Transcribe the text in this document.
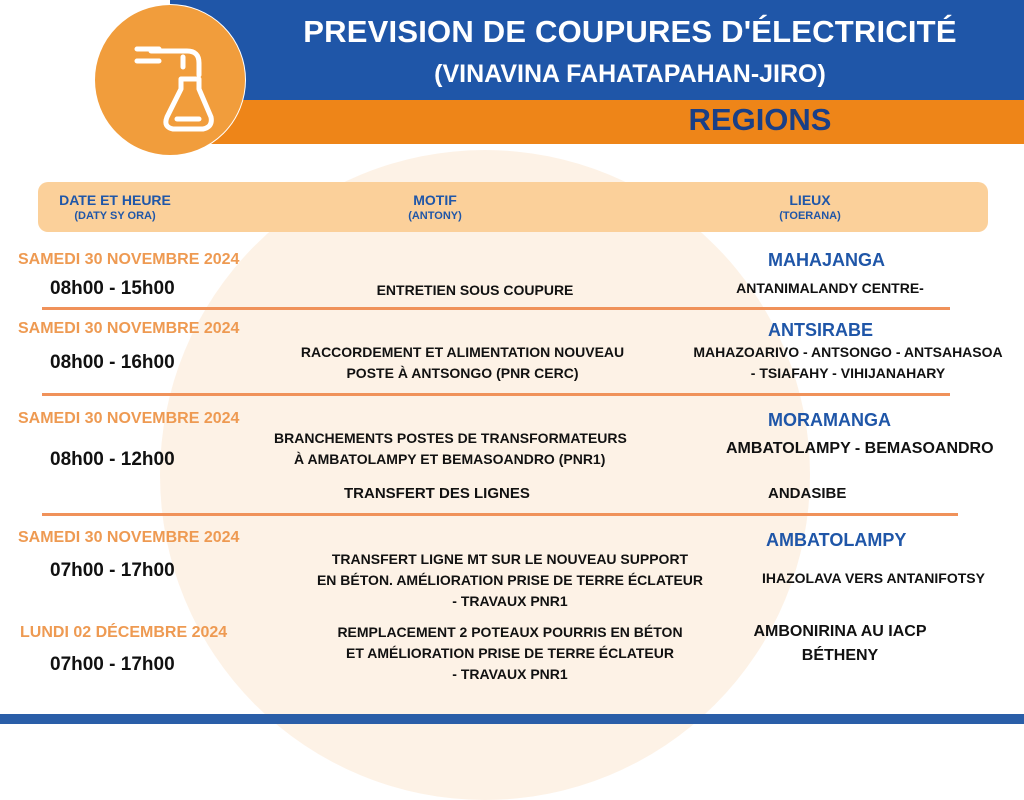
PREVISION DE COUPURES D'ÉLECTRICITÉ
(VINAVINA FAHATAPAHAN-JIRO)
REGIONS
DATE ET HEURE
(DATY SY ORA)
MOTIF
(ANTONY)
LIEUX
(TOERANA)
SAMEDI 30 NOVEMBRE 2024
08h00 - 15h00	ENTRETIEN SOUS COUPURE
MAHAJANGA
ANTANIMALANDY CENTRE-
SAMEDI 30 NOVEMBRE 2024
08h00 - 16h00	RACCORDEMENT ET ALIMENTATION NOUVEAU
POSTE À ANTSONGO (PNR CERC)
ANTSIRABE
MAHAZOARIVO - ANTSONGO - ANTSAHASOA
- TSIAFAHY - VIHIJANAHARY
SAMEDI 30 NOVEMBRE 2024
08h00 - 12h00
BRANCHEMENTS POSTES DE TRANSFORMATEURS
À AMBATOLAMPY ET BEMASOANDRO (PNR1)
TRANSFERT DES LIGNES
MORAMANGA
AMBATOLAMPY - BEMASOANDRO
ANDASIBE
SAMEDI 30 NOVEMBRE 2024
07h00 - 17h00
TRANSFERT LIGNE MT SUR LE NOUVEAU SUPPORT
EN BÉTON. AMÉLIORATION PRISE DE TERRE ÉCLATEUR
- TRAVAUX PNR1
AMBATOLAMPY
IHAZOLAVA VERS ANTANIFOTSY
LUNDI 02 DÉCEMBRE 2024
07h00 - 17h00
REMPLACEMENT 2 POTEAUX POURRIS EN BÉTON
ET AMÉLIORATION PRISE DE TERRE ÉCLATEUR
- TRAVAUX PNR1
AMBONIRINA AU IACP
BÉTHENY
